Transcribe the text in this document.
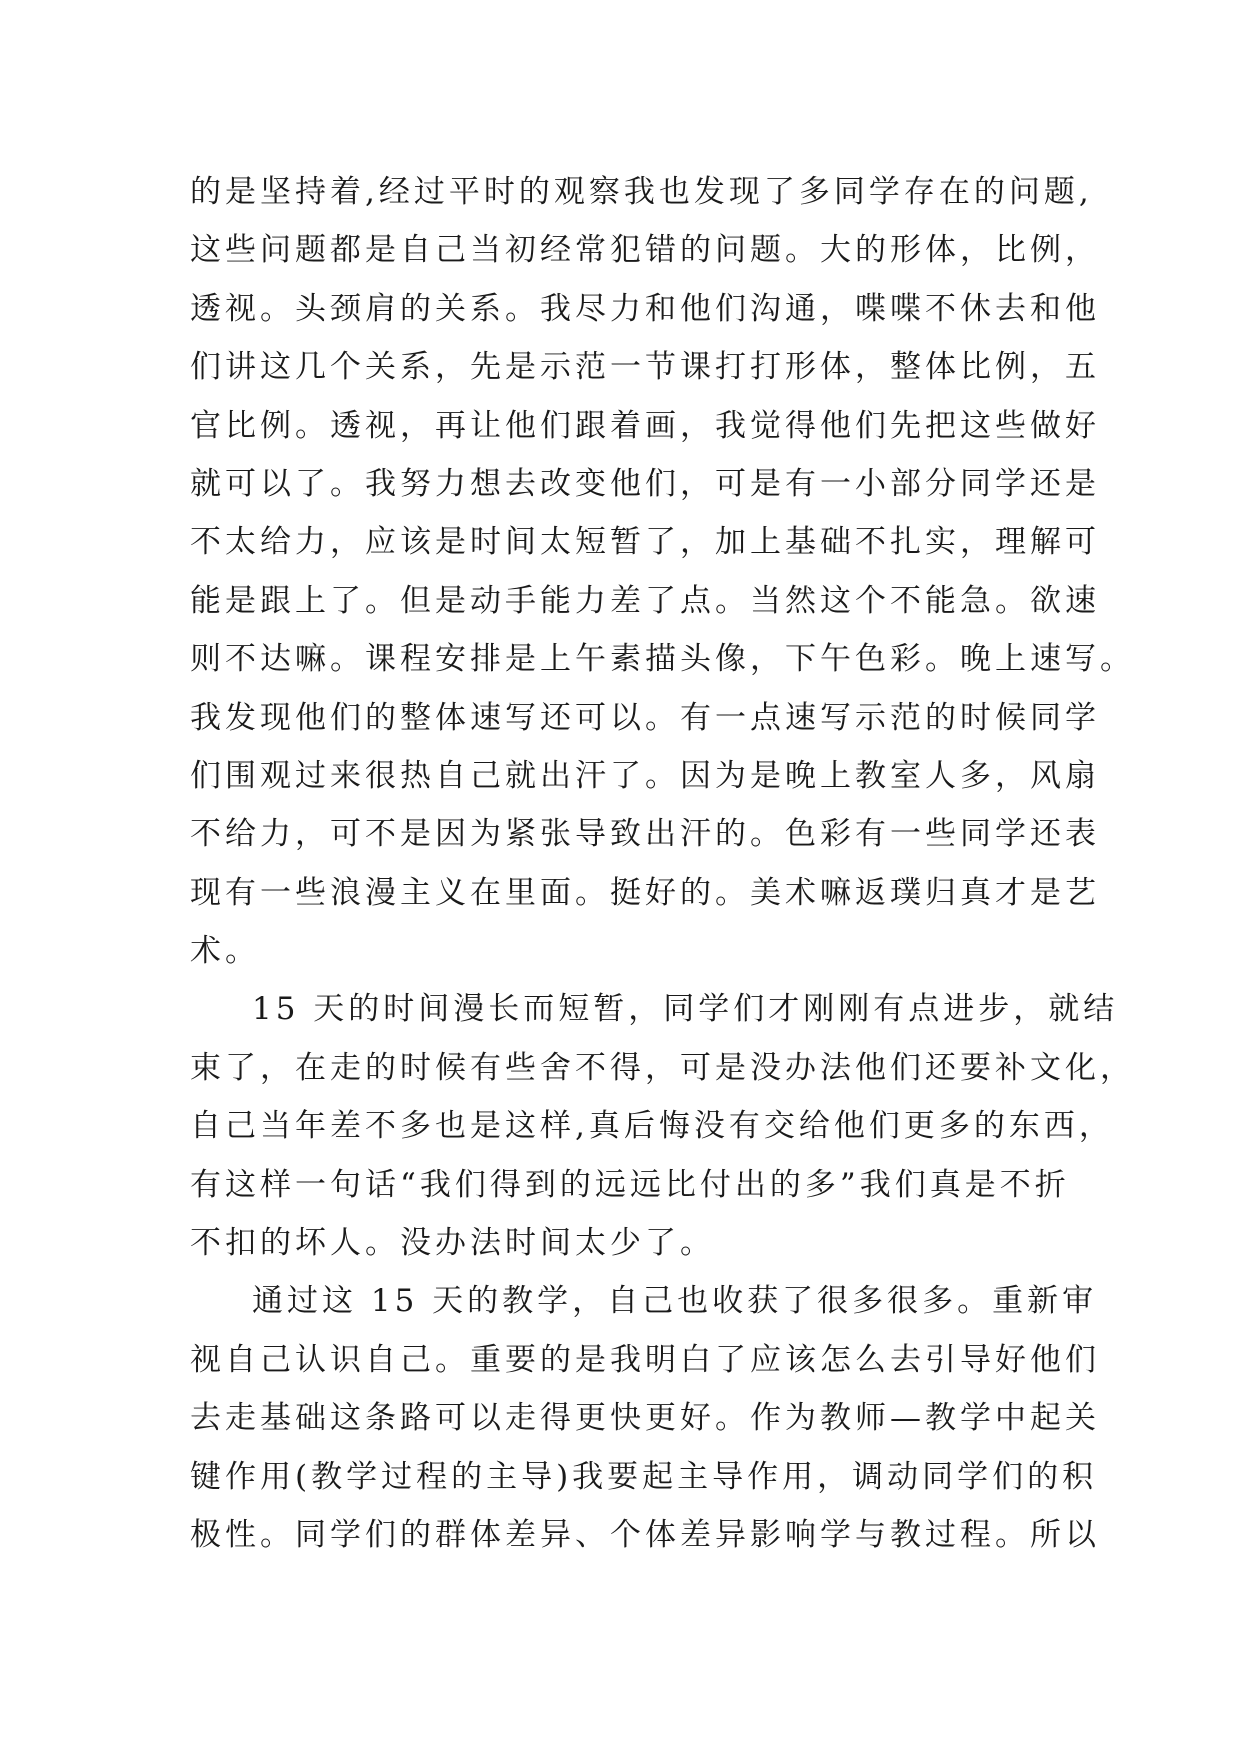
的是坚持着,经过平时的观察我也发现了多同学存在的问题,
这些问题都是自己当初经常犯错的问题。大的形体，比例，
透视。头颈肩的关系。我尽力和他们沟通，喋喋不休去和他
们讲这几个关系，先是示范一节课打打形体，整体比例，五
官比例。透视，再让他们跟着画，我觉得他们先把这些做好
就可以了。我努力想去改变他们，可是有一小部分同学还是
不太给力，应该是时间太短暂了，加上基础不扎实，理解可
能是跟上了。但是动手能力差了点。当然这个不能急。欲速
则不达嘛。课程安排是上午素描头像，下午色彩。晚上速写。
我发现他们的整体速写还可以。有一点速写示范的时候同学
们围观过来很热自己就出汗了。因为是晚上教室人多，风扇
不给力，可不是因为紧张导致出汗的。色彩有一些同学还表
现有一些浪漫主义在里面。挺好的。美术嘛返璞归真才是艺
术。
15 天的时间漫长而短暂，同学们才刚刚有点进步，就结
束了，在走的时候有些舍不得，可是没办法他们还要补文化，
自己当年差不多也是这样,真后悔没有交给他们更多的东西，
有这样一句话“我们得到的远远比付出的多”我们真是不折
不扣的坏人。没办法时间太少了。
通过这 15 天的教学，自己也收获了很多很多。重新审
视自己认识自己。重要的是我明白了应该怎么去引导好他们
去走基础这条路可以走得更快更好。作为教师—教学中起关
键作用(教学过程的主导)我要起主导作用，调动同学们的积
极性。同学们的群体差异、个体差异影响学与教过程。所以
